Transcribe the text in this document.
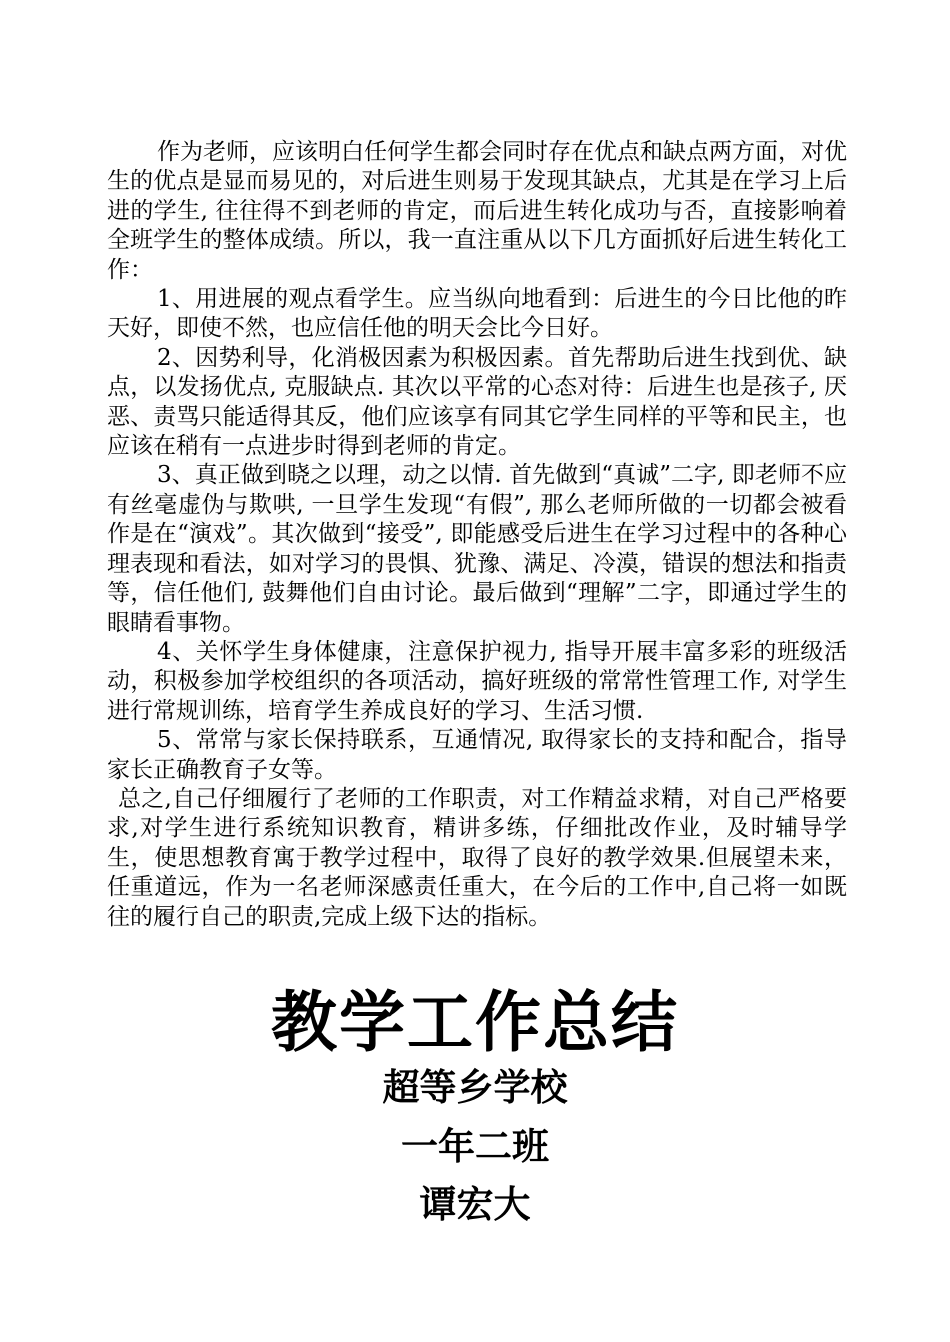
作为老师，应该明白任何学生都会同时存在优点和缺点两方面，对优生的优点是显而易见的，对后进生则易于发现其缺点，尤其是在学习上后进的学生, 往往得不到老师的肯定，而后进生转化成功与否，直接影响着全班学生的整体成绩。所以，我一直注重从以下几方面抓好后进生转化工作：

1、用进展的观点看学生。应当纵向地看到：后进生的今日比他的昨天好，即使不然，也应信任他的明天会比今日好。

2、因势利导，化消极因素为积极因素。首先帮助后进生找到优、缺点，以发扬优点, 克服缺点. 其次以平常的心态对待：后进生也是孩子, 厌恶、责骂只能适得其反，他们应该享有同其它学生同样的平等和民主，也应该在稍有一点进步时得到老师的肯定。

3、真正做到晓之以理，动之以情. 首先做到“真诚”二字, 即老师不应有丝毫虚伪与欺哄, 一旦学生发现“有假”, 那么老师所做的一切都会被看作是在“演戏”。其次做到“接受”, 即能感受后进生在学习过程中的各种心理表现和看法，如对学习的畏惧、犹豫、满足、冷漠，错误的想法和指责等，信任他们, 鼓舞他们自由讨论。最后做到“理解”二字，即通过学生的眼睛看事物。

4、关怀学生身体健康，注意保护视力, 指导开展丰富多彩的班级活动，积极参加学校组织的各项活动，搞好班级的常常性管理工作, 对学生进行常规训练，培育学生养成良好的学习、生活习惯.

5、常常与家长保持联系，互通情况, 取得家长的支持和配合，指导家长正确教育子女等。

总之,自己仔细履行了老师的工作职责，对工作精益求精，对自己严格要求,对学生进行系统知识教育，精讲多练，仔细批改作业，及时辅导学生，使思想教育寓于教学过程中，取得了良好的教学效果.但展望未来，任重道远，作为一名老师深感责任重大，在今后的工作中,自己将一如既往的履行自己的职责,完成上级下达的指标。

教学工作总结
超等乡学校
一年二班
谭宏大
